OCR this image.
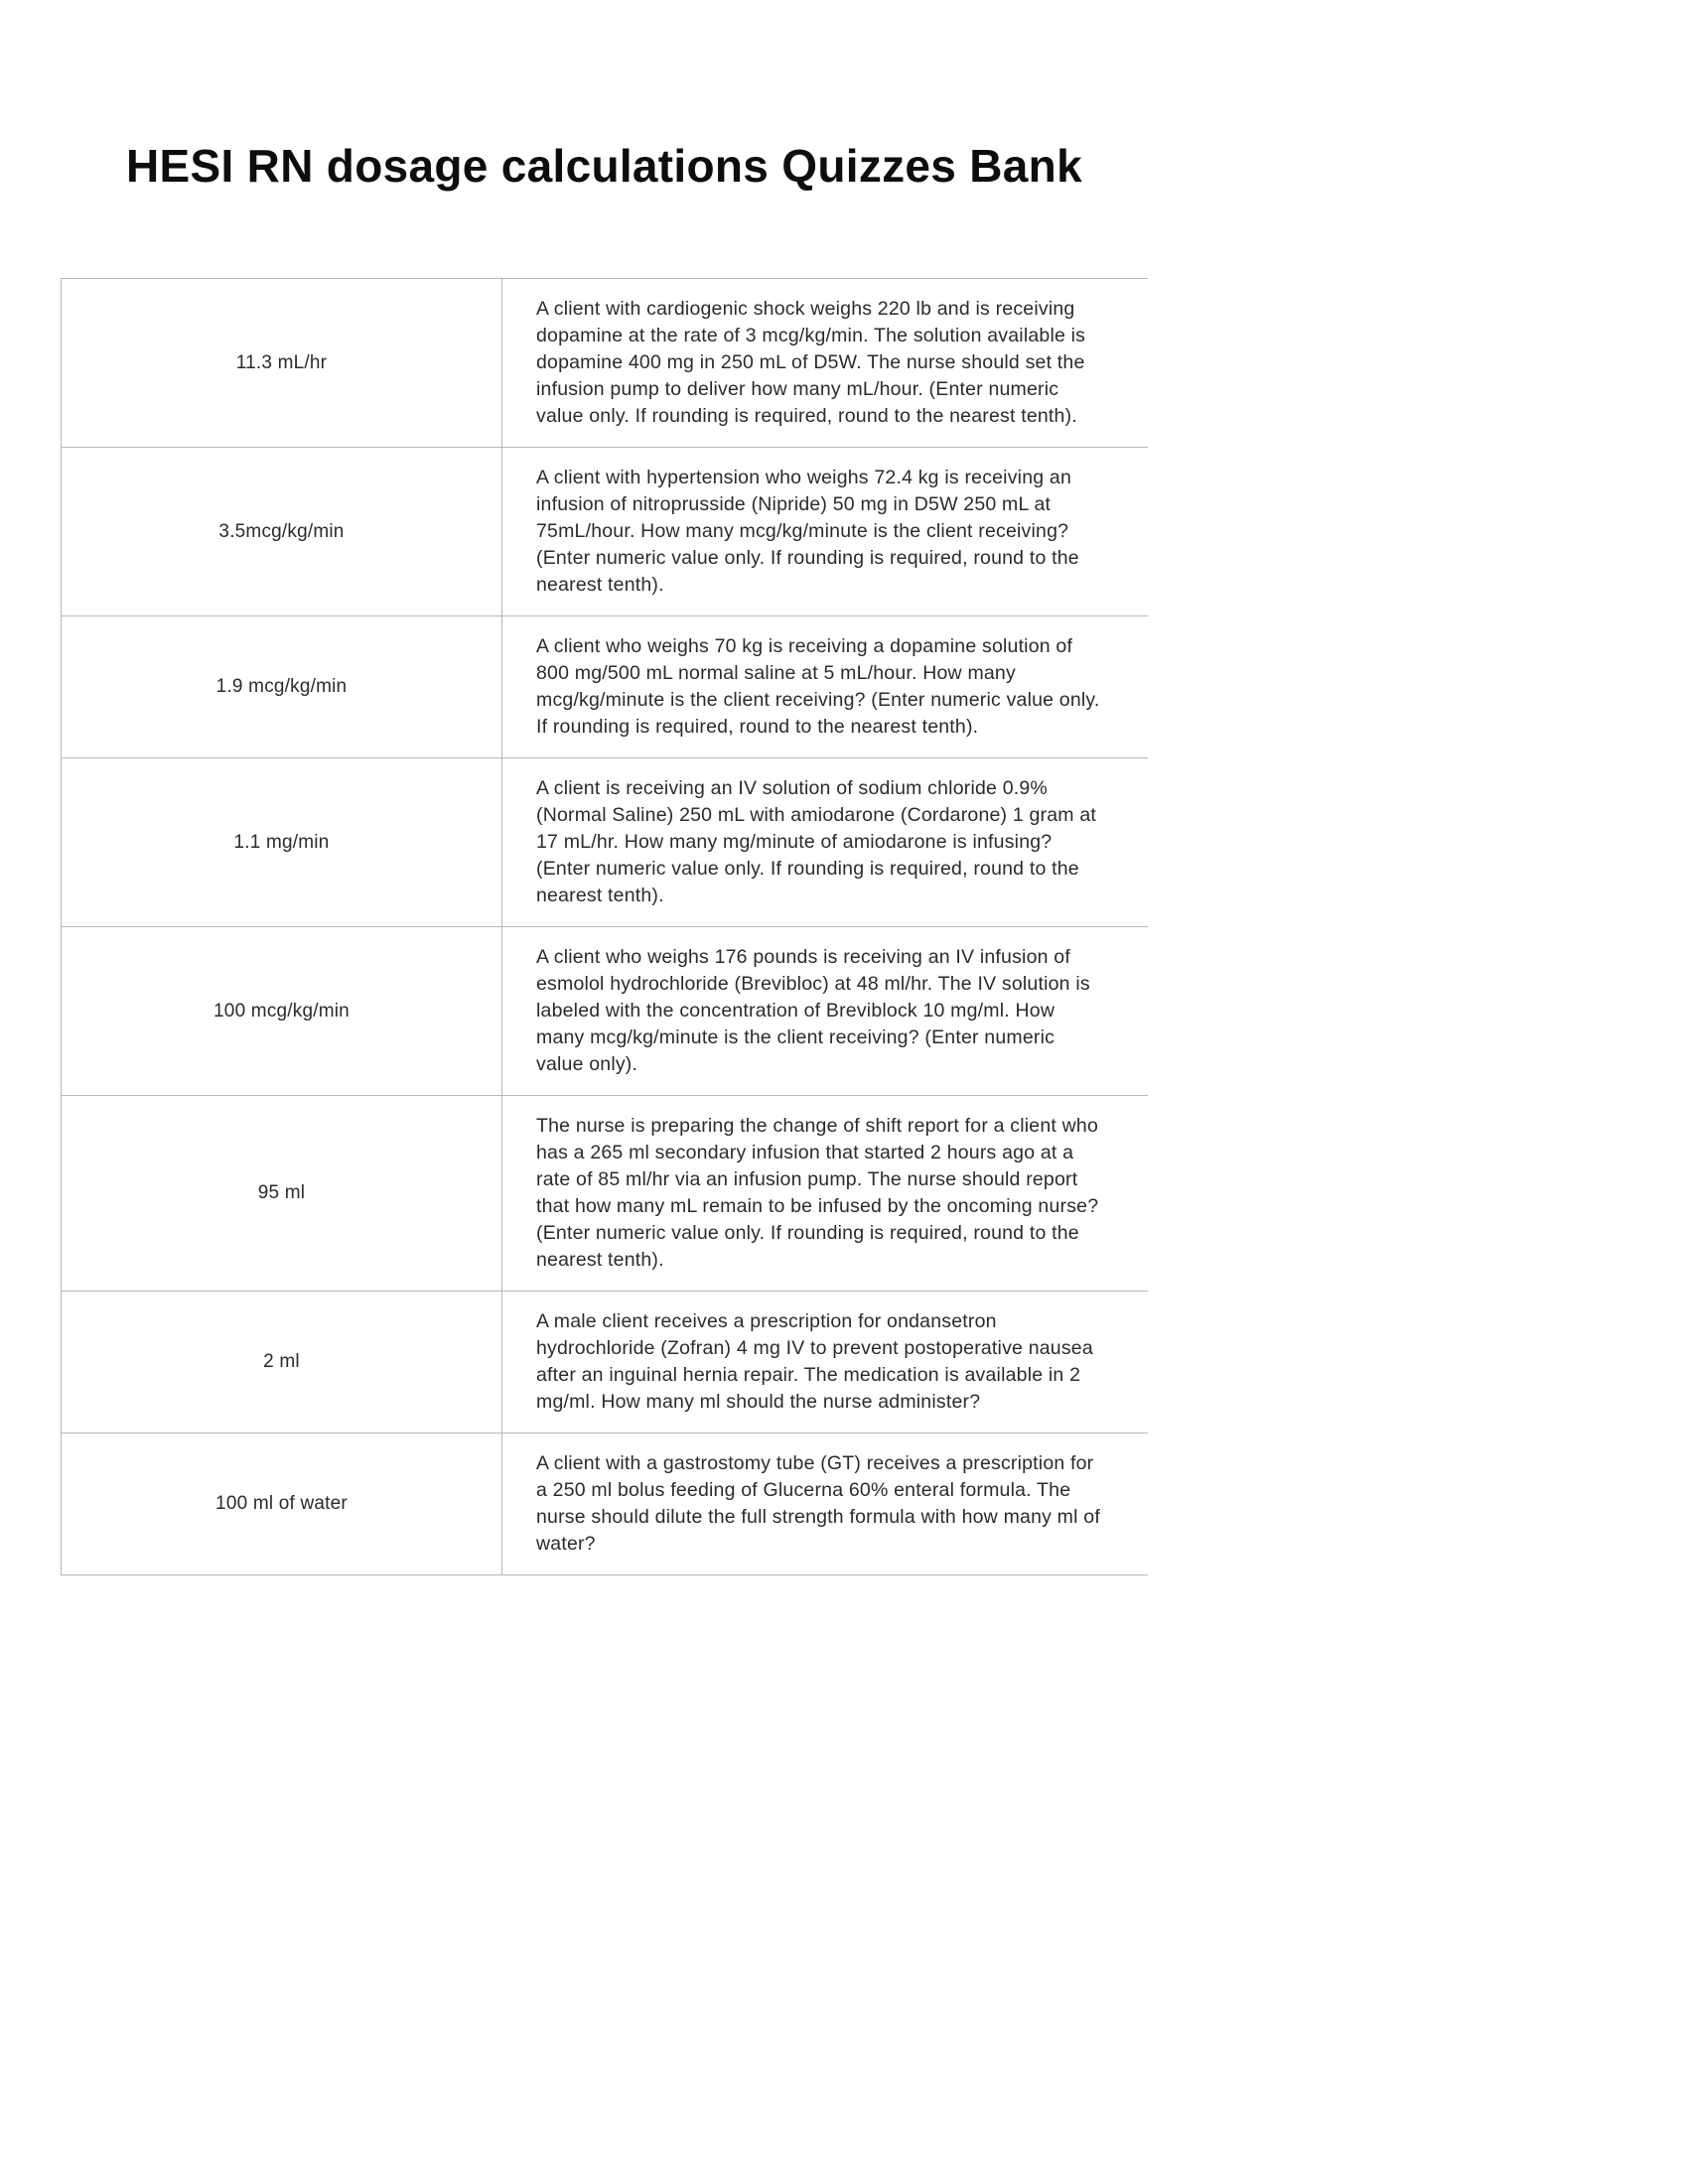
HESI RN dosage calculations Quizzes Bank
11.3 mL/hr	A client with cardiogenic shock weighs 220 lb and is receiving dopamine at the rate of 3 mcg/kg/min. The solution available is dopamine 400 mg in 250 mL of D5W. The nurse should set the infusion pump to deliver how many mL/hour. (Enter numeric value only. If rounding is required, round to the nearest tenth).
3.5mcg/kg/min	A client with hypertension who weighs 72.4 kg is receiving an infusion of nitroprusside (Nipride) 50 mg in D5W 250 mL at 75mL/hour. How many mcg/kg/minute is the client receiving? (Enter numeric value only. If rounding is required, round to the nearest tenth).
1.9 mcg/kg/min	A client who weighs 70 kg is receiving a dopamine solution of 800 mg/500 mL normal saline at 5 mL/hour. How many mcg/kg/minute is the client receiving? (Enter numeric value only. If rounding is required, round to the nearest tenth).
1.1 mg/min	A client is receiving an IV solution of sodium chloride 0.9% (Normal Saline) 250 mL with amiodarone (Cordarone) 1 gram at 17 mL/hr. How many mg/minute of amiodarone is infusing? (Enter numeric value only. If rounding is required, round to the nearest tenth).
100 mcg/kg/min	A client who weighs 176 pounds is receiving an IV infusion of esmolol hydrochloride (Brevibloc) at 48 ml/hr. The IV solution is labeled with the concentration of Breviblock 10 mg/ml. How many mcg/kg/minute is the client receiving? (Enter numeric value only).
95 ml	The nurse is preparing the change of shift report for a client who has a 265 ml secondary infusion that started 2 hours ago at a rate of 85 ml/hr via an infusion pump. The nurse should report that how many mL remain to be infused by the oncoming nurse? (Enter numeric value only. If rounding is required, round to the nearest tenth).
2 ml	A male client receives a prescription for ondansetron hydrochloride (Zofran) 4 mg IV to prevent postoperative nausea after an inguinal hernia repair. The medication is available in 2 mg/ml. How many ml should the nurse administer?
100 ml of water	A client with a gastrostomy tube (GT) receives a prescription for a 250 ml bolus feeding of Glucerna 60% enteral formula. The nurse should dilute the full strength formula with how many ml of water?
